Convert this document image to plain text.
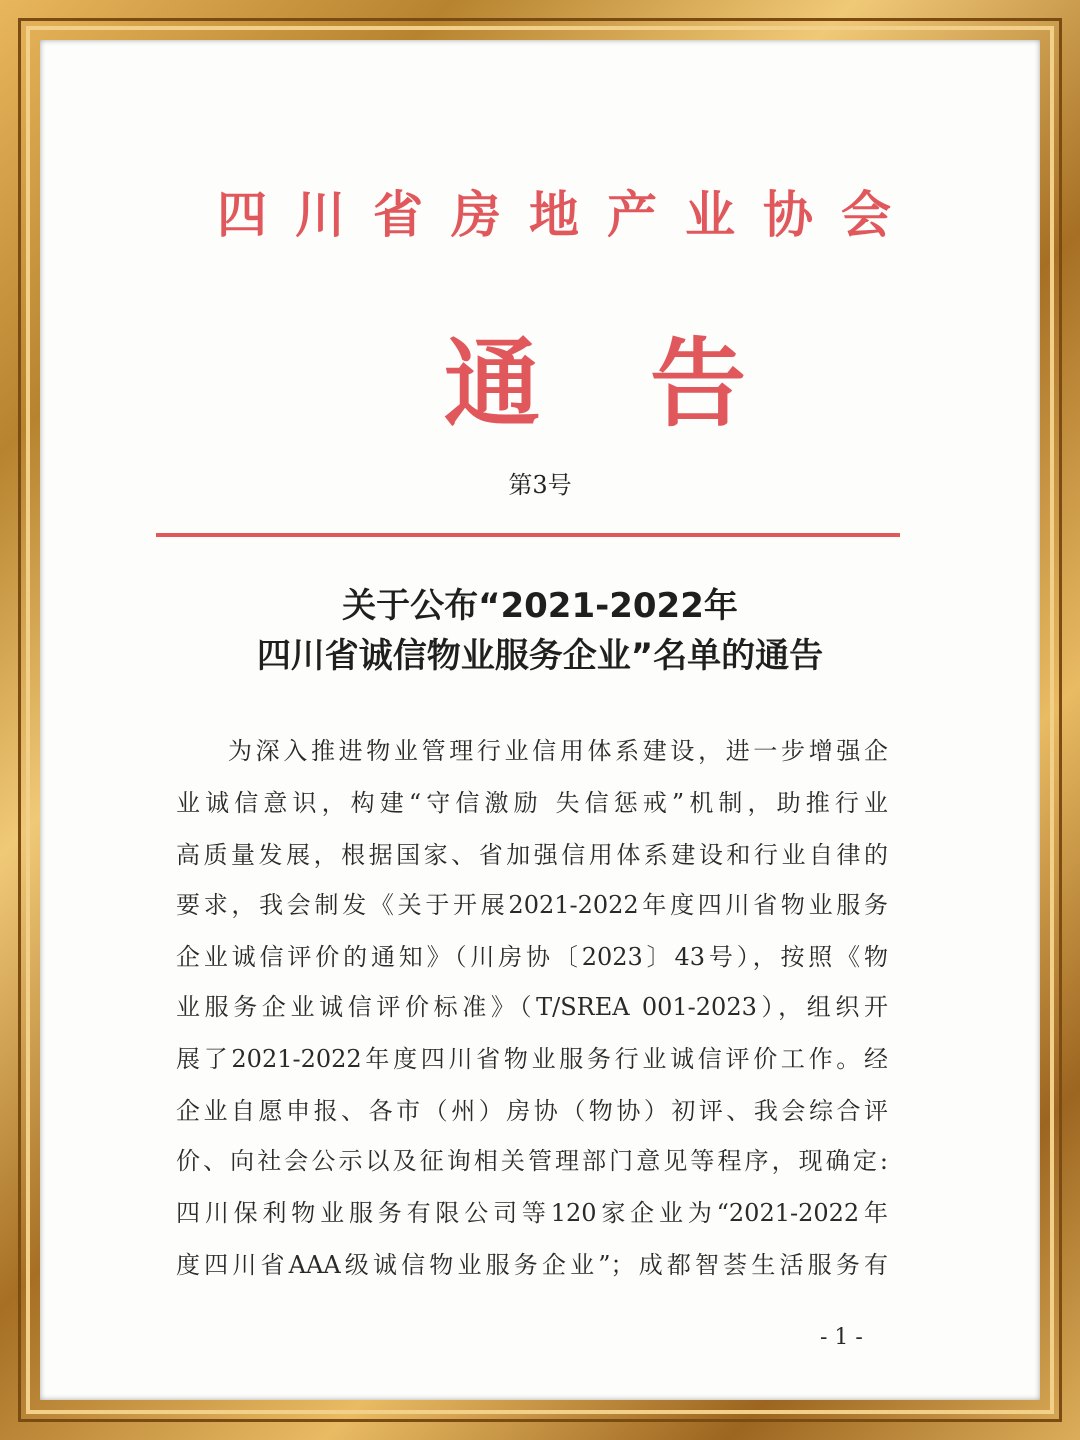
四川省房地产业协会
通告
第3号
关于公布“2021-2022年
四川省诚信物业服务企业”名单的通告
为深入推进物业管理行业信用体系建设，进一步增强企
业诚信意识，构建“守信激励 失信惩戒”机制，助推行业
高质量发展，根据国家、省加强信用体系建设和行业自律的
要求，我会制发《关于开展2021-2022年度四川省物业服务
企业诚信评价的通知》（川房协〔2023〕43号），按照《物
业服务企业诚信评价标准》（T/SREA 001-2023），组织开
展了2021-2022年度四川省物业服务行业诚信评价工作。经
企业自愿申报、各市（州）房协（物协）初评、我会综合评
价、向社会公示以及征询相关管理部门意见等程序，现确定:
四川保利物业服务有限公司等120家企业为“2021-2022年
度四川省AAA级诚信物业服务企业”；成都智荟生活服务有
- 1 -
